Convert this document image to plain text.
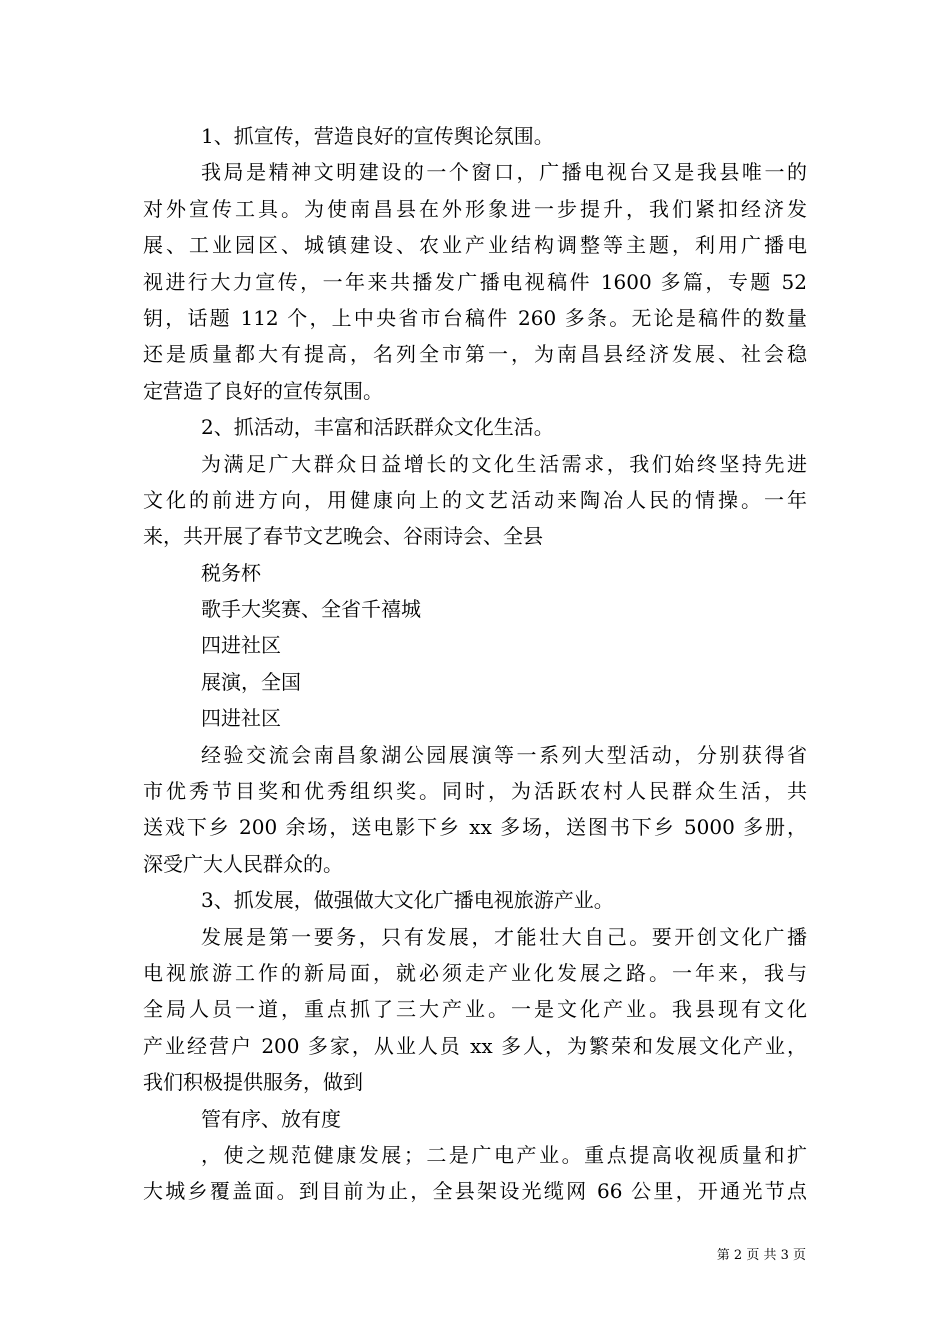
1、抓宣传，营造良好的宣传舆论氛围。
我局是精神文明建设的一个窗口，广播电视台又是我县唯一的
对外宣传工具。为使南昌县在外形象进一步提升，我们紧扣经济发
展、工业园区、城镇建设、农业产业结构调整等主题，利用广播电
视进行大力宣传，一年来共播发广播电视稿件 1600 多篇，专题 52
钥，话题 112 个，上中央省市台稿件 260 多条。无论是稿件的数量
还是质量都大有提高，名列全市第一，为南昌县经济发展、社会稳
定营造了良好的宣传氛围。
2、抓活动，丰富和活跃群众文化生活。
为满足广大群众日益增长的文化生活需求，我们始终坚持先进
文化的前进方向，用健康向上的文艺活动来陶冶人民的情操。一年
来，共开展了春节文艺晚会、谷雨诗会、全县
税务杯
歌手大奖赛、全省千禧城
四进社区
展演，全国
四进社区
经验交流会南昌象湖公园展演等一系列大型活动，分别获得省
市优秀节目奖和优秀组织奖。同时，为活跃农村人民群众生活，共
送戏下乡 200 余场，送电影下乡 xx 多场，送图书下乡 5000 多册，
深受广大人民群众的。
3、抓发展，做强做大文化广播电视旅游产业。
发展是第一要务，只有发展，才能壮大自己。要开创文化广播
电视旅游工作的新局面，就必须走产业化发展之路。一年来，我与
全局人员一道，重点抓了三大产业。一是文化产业。我县现有文化
产业经营户 200 多家，从业人员 xx 多人，为繁荣和发展文化产业，
我们积极提供服务，做到
管有序、放有度
，使之规范健康发展；二是广电产业。重点提高收视质量和扩
大城乡覆盖面。到目前为止，全县架设光缆网 66 公里，开通光节点
第 2 页 共 3 页
